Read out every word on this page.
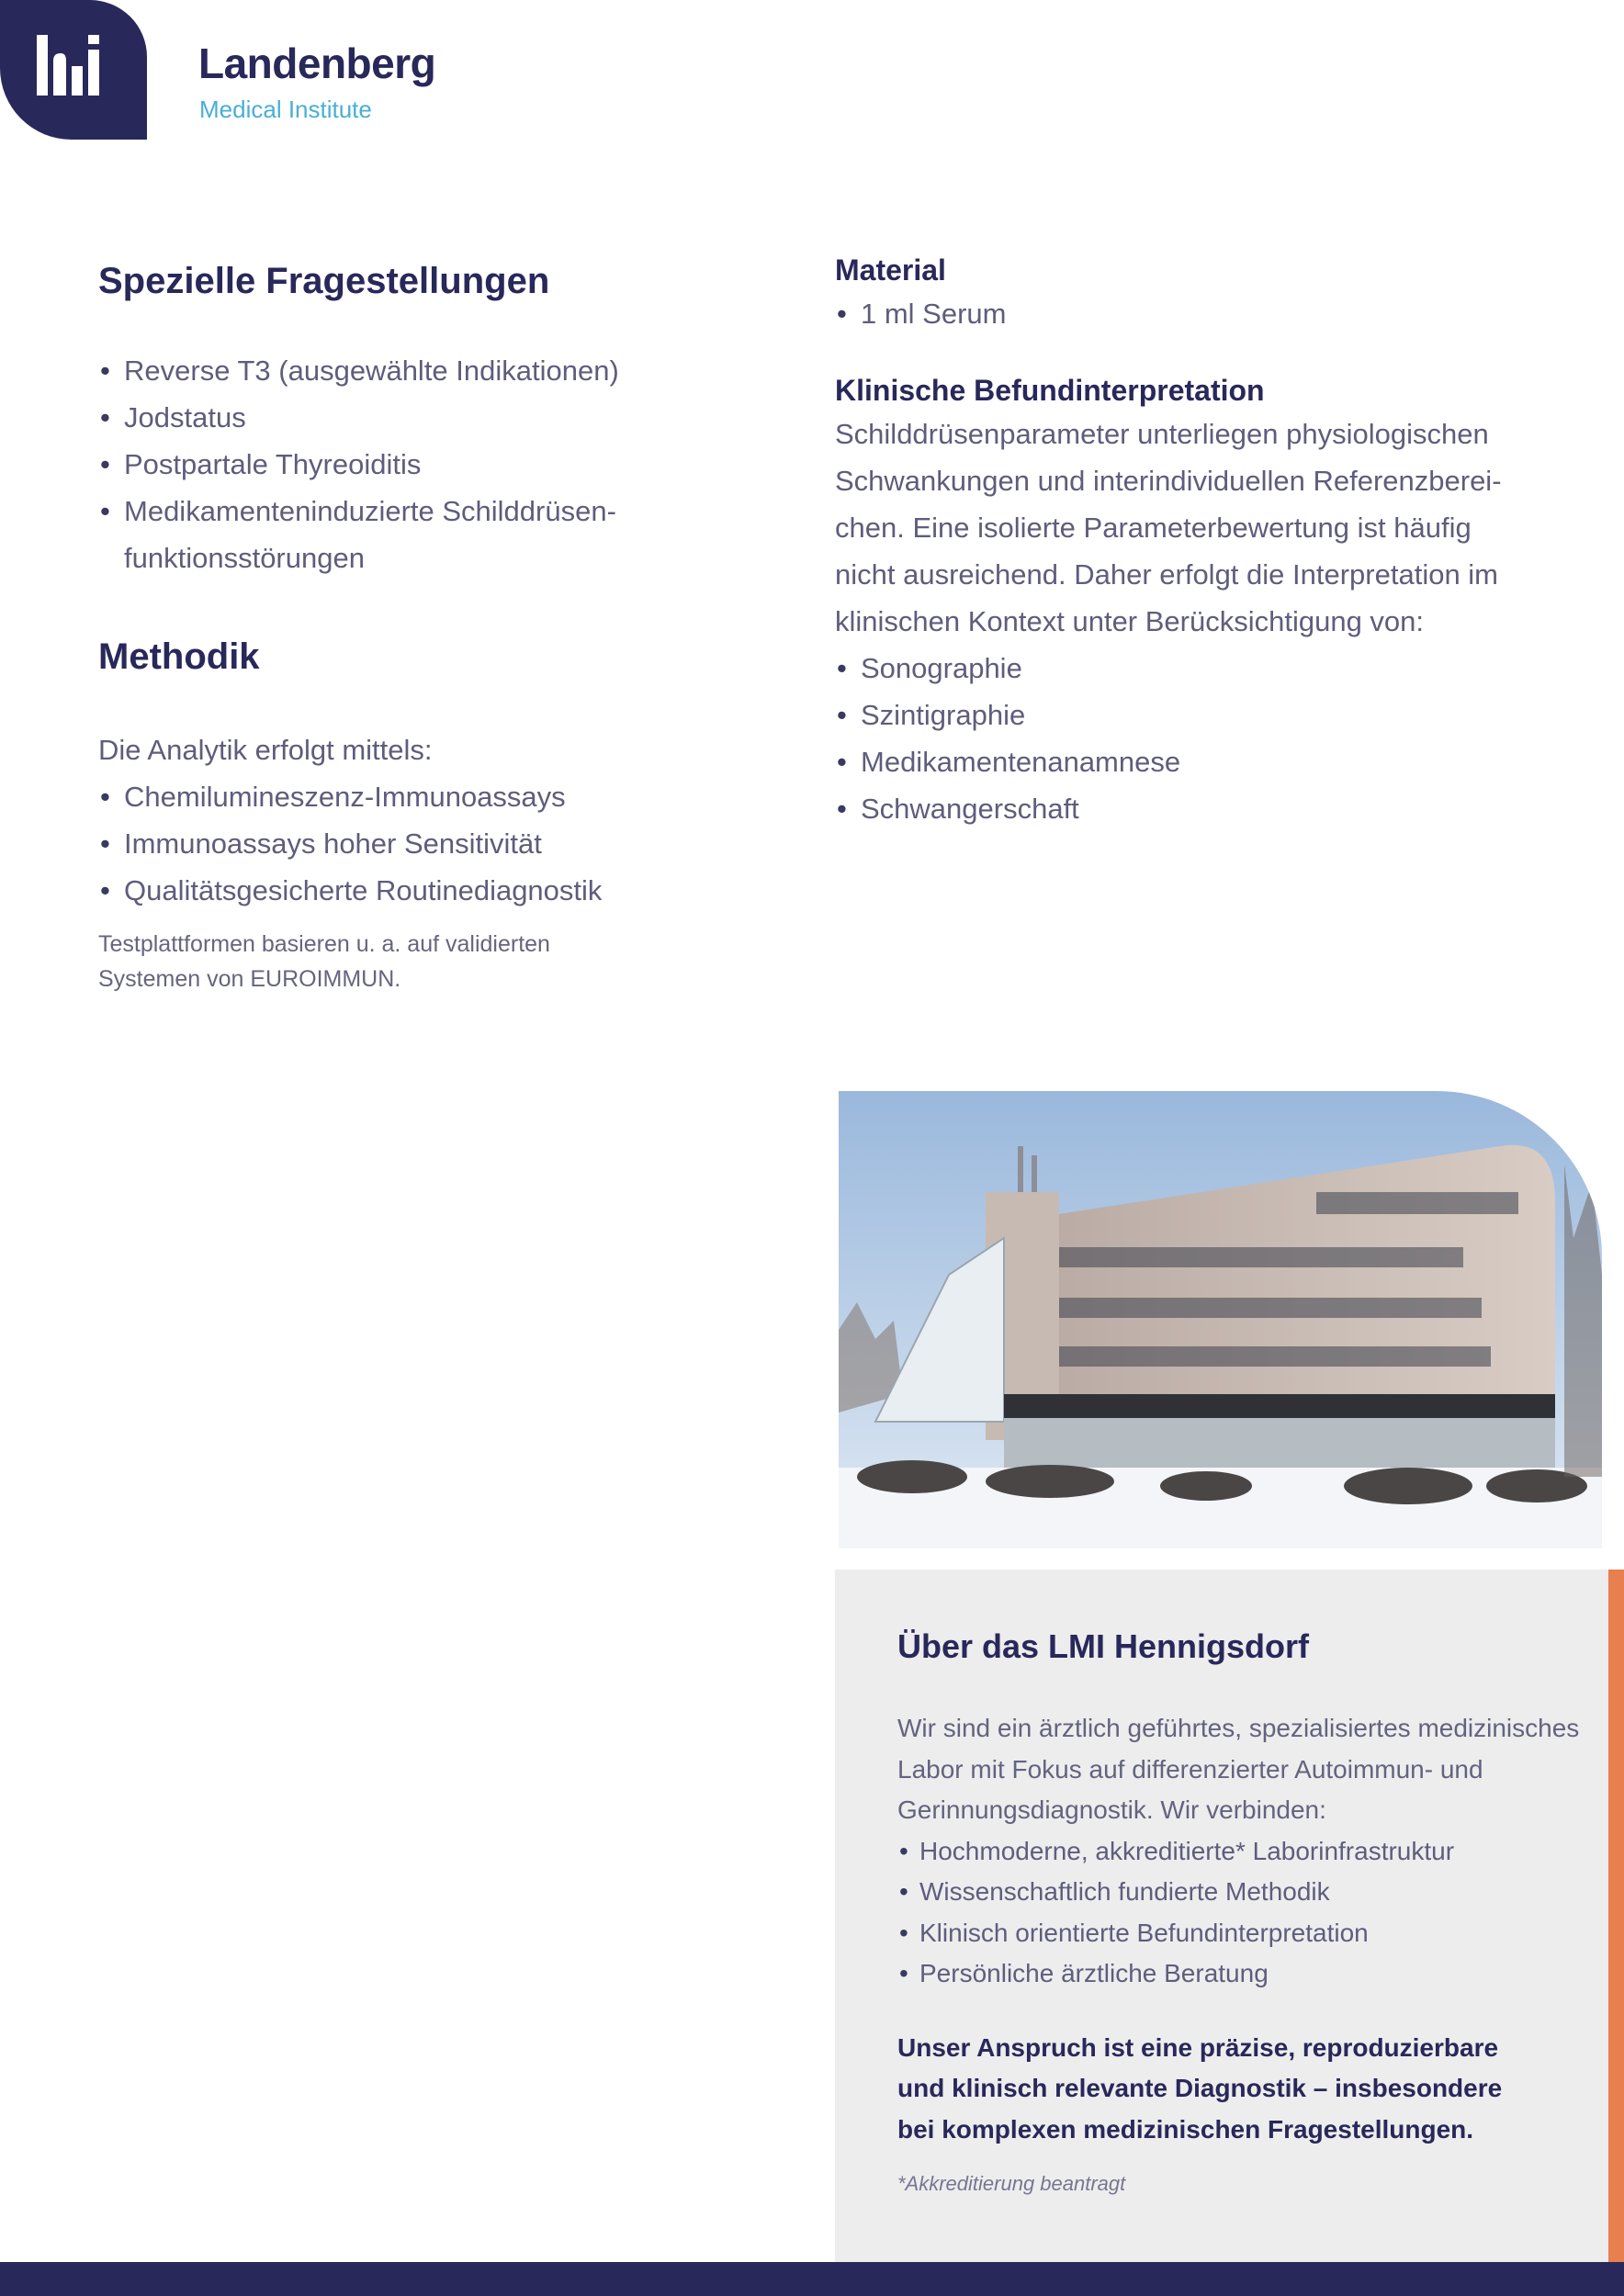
Landenberg
Medical Institute
Spezielle Fragestellungen
• Reverse T3 (ausgewählte Indikationen)
• Jodstatus
• Postpartale Thyreoiditis
• Medikamenteninduzierte Schilddrüsen-funktionsstörungen
Methodik

Die Analytik erfolgt mittels:

• Chemilumineszenz-Immunoassays
• Immunoassays hoher Sensitivität
• Qualitätsgesicherte Routinediagnostik

Testplattformen basieren u. a. auf validierten Systemen von EUROIMMUN.

Material
• 1 ml Serum
Klinische Befundinterpretation

Schilddrüsenparameter unterliegen physiologischen Schwankungen und interindividuellen Referenzberei-chen. Eine isolierte Parameterbewertung ist häufig nicht ausreichend. Daher erfolgt die Interpretation im klinischen Kontext unter Berücksichtigung von:

• Sonographie
• Szintigraphie
• Medikamentenanamnese
• Schwangerschaft
Über das LMI Hennigsdorf

Wir sind ein ärztlich geführtes, spezialisiertes medizinisches Labor mit Fokus auf differenzierter Autoimmun- und Gerinnungsdiagnostik. Wir verbinden:

• Hochmoderne, akkreditierte* Laborinfrastruktur
• Wissenschaftlich fundierte Methodik
• Klinisch orientierte Befundinterpretation
• Persönliche ärztliche Beratung

Unser Anspruch ist eine präzise, reproduzierbare und klinisch relevante Diagnostik – insbesondere bei komplexen medizinischen Fragestellungen.

*Akkreditierung beantragt
